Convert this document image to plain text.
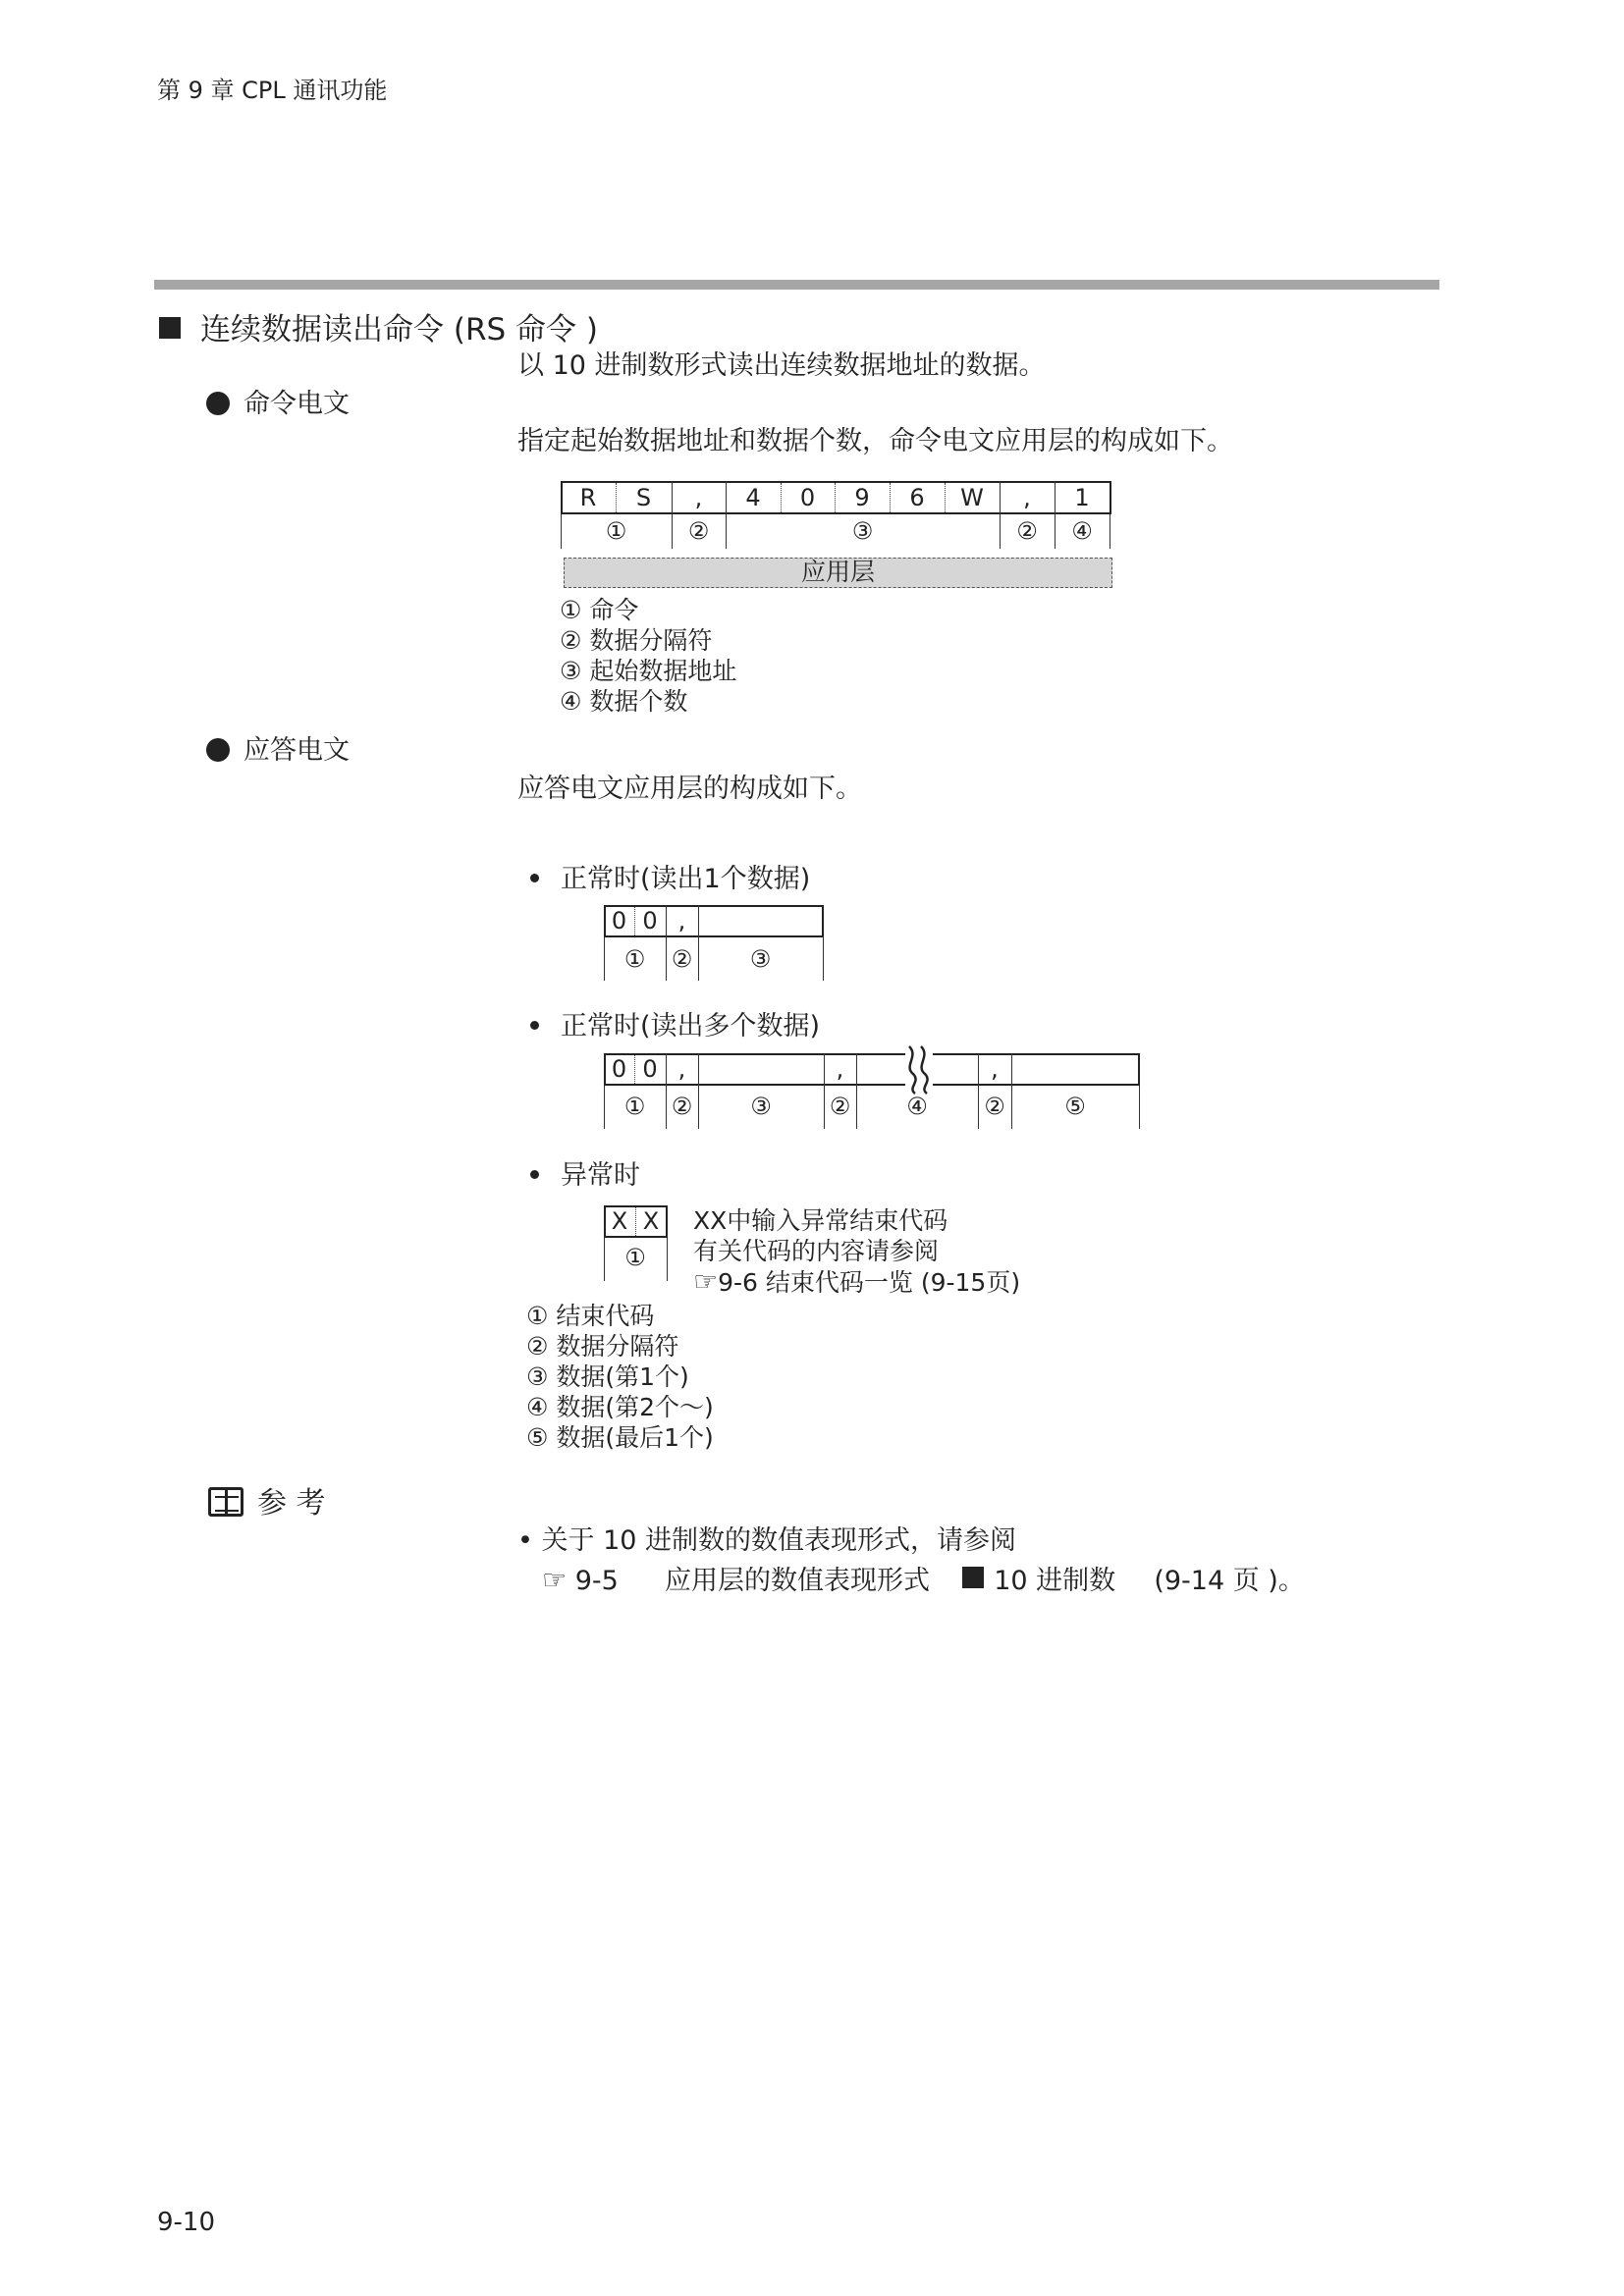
第 9 章 CPL 通讯功能
连续数据读出命令 (RS 命令 )
以 10 进制数形式读出连续数据地址的数据。
命令电文
指定起始数据地址和数据个数，命令电文应用层的构成如下。
R	S	,	4	0	9	6	W	,	1
①	②	③	②	④
应用层
① 命令
② 数据分隔符
③ 起始数据地址
④ 数据个数
应答电文
应答电文应用层的构成如下。
正常时(读出1个数据)
0 0 ,
①	②	③
正常时(读出多个数据)
0 0 ,	,	,
①	②	③	②	④	②	⑤
异常时
X X
①
XX中输入异常结束代码
有关代码的内容请参阅
☞9-6 结束代码一览 (9-15页)
① 结束代码
② 数据分隔符
③ 数据(第1个)
④ 数据(第2个～)
⑤ 数据(最后1个)
参 考
• 关于 10 进制数的数值表现形式，请参阅
☞ 9-5 应用层的数值表现形式 10 进制数 (9-14 页 )。
9-10
